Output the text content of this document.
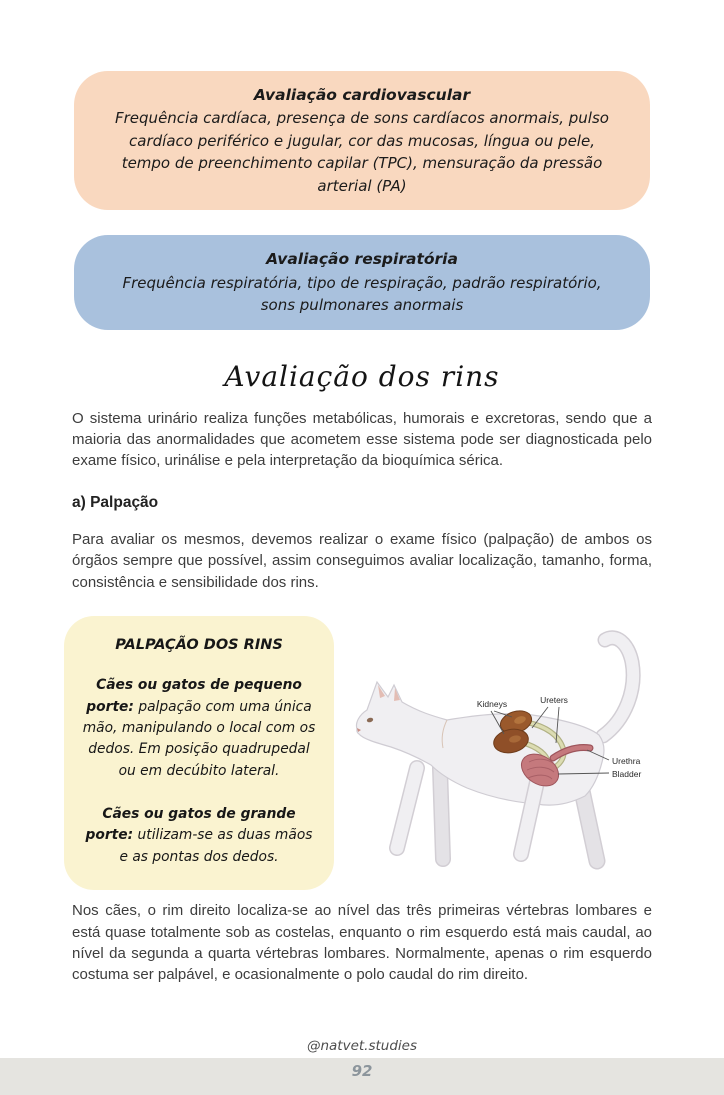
Avaliação cardiovascular
Frequência cardíaca, presença de sons cardíacos anormais, pulso cardíaco periférico e jugular, cor das mucosas, língua ou pele, tempo de preenchimento capilar (TPC), mensuração da pressão arterial (PA)
Avaliação respiratória
Frequência respiratória, tipo de respiração, padrão respiratório, sons pulmonares anormais
Avaliação dos rins

O sistema urinário realiza funções metabólicas, humorais e excretoras, sendo que a maioria das anormalidades que acometem esse sistema pode ser diagnosticada pelo exame físico, urinálise e pela interpretação da bioquímica sérica.

a) Palpação

Para avaliar os mesmos, devemos realizar o exame físico (palpação) de ambos os órgãos sempre que possível, assim conseguimos avaliar localização, tamanho, forma, consistência e sensibilidade dos rins.

PALPAÇÃO DOS RINS
Cães ou gatos de pequeno porte: palpação com uma única mão, manipulando o local com os dedos. Em posição quadrupedal ou em decúbito lateral.
Cães ou gatos de grande porte: utilizam-se as duas mãos e as pontas dos dedos.
Kidneys	Ureters
Urethra
Bladder

Nos cães, o rim direito localiza-se ao nível das três primeiras vértebras lombares e está quase totalmente sob as costelas, enquanto o rim esquerdo está mais caudal, ao nível da segunda a quarta vértebras lombares. Normalmente, apenas o rim esquerdo costuma ser palpável, e ocasionalmente o polo caudal do rim direito.

@natvet.studies
92
